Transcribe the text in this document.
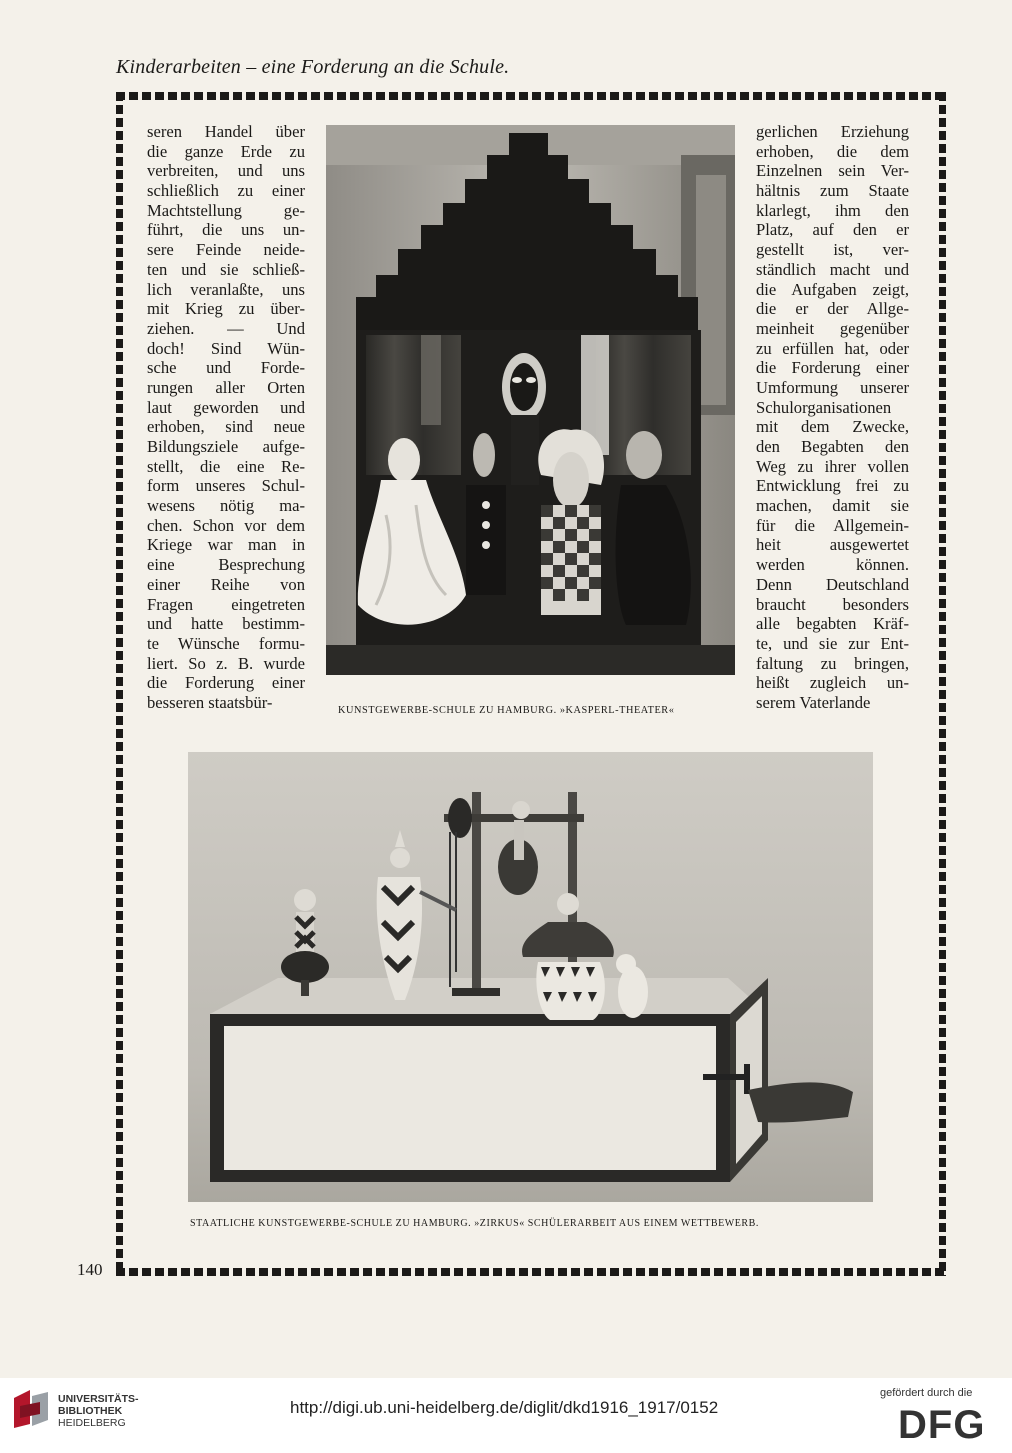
Kinderarbeiten – eine Forderung an die Schule.
seren Handel über
die ganze Erde zu
verbreiten, und uns
schließlich zu einer
Machtstellung ge-
führt, die uns un-
sere Feinde neide-
ten und sie schließ-
lich veranlaßte, uns
mit Krieg zu über-
ziehen. — Und
doch! Sind Wün-
sche und Forde-
rungen aller Orten
laut geworden und
erhoben, sind neue
Bildungsziele aufge-
stellt, die eine Re-
form unseres Schul-
wesens nötig ma-
chen. Schon vor dem
Kriege war man in
eine Besprechung
einer Reihe von
Fragen eingetreten
und hatte bestimm-
te Wünsche formu-
liert. So z. B. wurde
die Forderung einer
besseren staatsbür-
gerlichen Erziehung
erhoben, die dem
Einzelnen sein Ver-
hältnis zum Staate
klarlegt, ihm den
Platz, auf den er
gestellt ist, ver-
ständlich macht und
die Aufgaben zeigt,
die er der Allge-
meinheit gegenüber
zu erfüllen hat, oder
die Forderung einer
Umformung unserer
Schulorganisationen
mit dem Zwecke,
den Begabten den
Weg zu ihrer vollen
Entwicklung frei zu
machen, damit sie
für die Allgemein-
heit ausgewertet
werden können.
Denn Deutschland
braucht besonders
alle begabten Kräf-
te, und sie zur Ent-
faltung zu bringen,
heißt zugleich un-
serem Vaterlande
KUNSTGEWERBE-SCHULE ZU HAMBURG. »KASPERL-THEATER«
STAATLICHE KUNSTGEWERBE-SCHULE ZU HAMBURG. »ZIRKUS« SCHÜLERARBEIT AUS EINEM WETTBEWERB.
140
UNIVERSITÄTS-
BIBLIOTHEK
HEIDELBERG
http://digi.ub.uni-heidelberg.de/diglit/dkd1916_1917/0152
gefördert durch die
DFG
